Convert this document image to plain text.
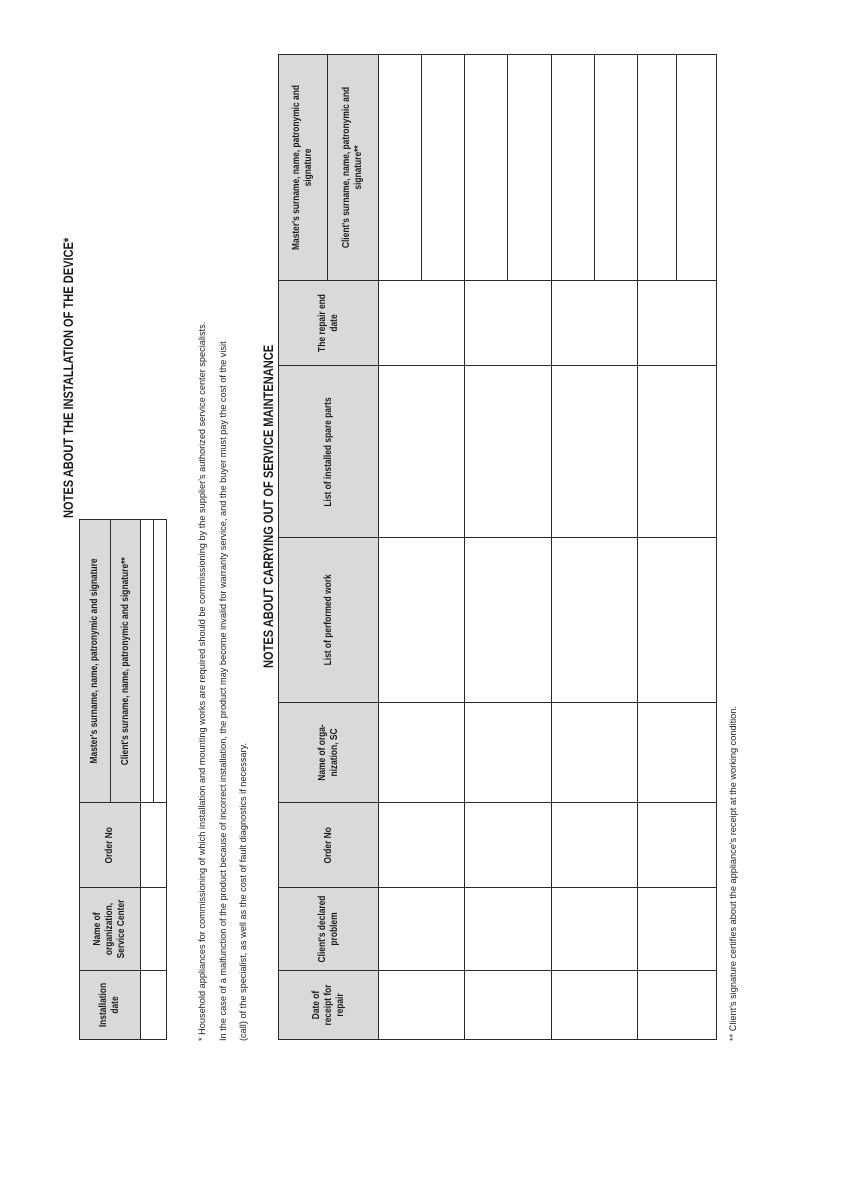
NOTES ABOUT THE INSTALLATION OF THE DEVICE*
Installation date	Name of organization, Service Center	Order No	Master's surname, name, patronymic and signature
			Client's surname, name, patronymic and signature**
				* Household appliances for commissioning of which installation and mounting works are required should be commissioning by the supplier's authorized service center specialists. In the case of a malfunction of the product because of incorrect installation, the product may become invalid for warranty service, and the buyer must pay the cost of the visit (call) of the specialist, as well as the cost of fault diagnostics if necessary.
NOTES ABOUT CARRYING OUT OF SERVICE MAINTENANCE
Date of receipt for repair	Client's declared problem	Order No	Name of orga-nization, SC	List of performed work	List of installed spare parts	The repair end date	Master's surname, name, patronymic and signature
							Client's surname, name, patronymic and signature**

** Client's signature certifies about the appliance's receipt at the working condition.
